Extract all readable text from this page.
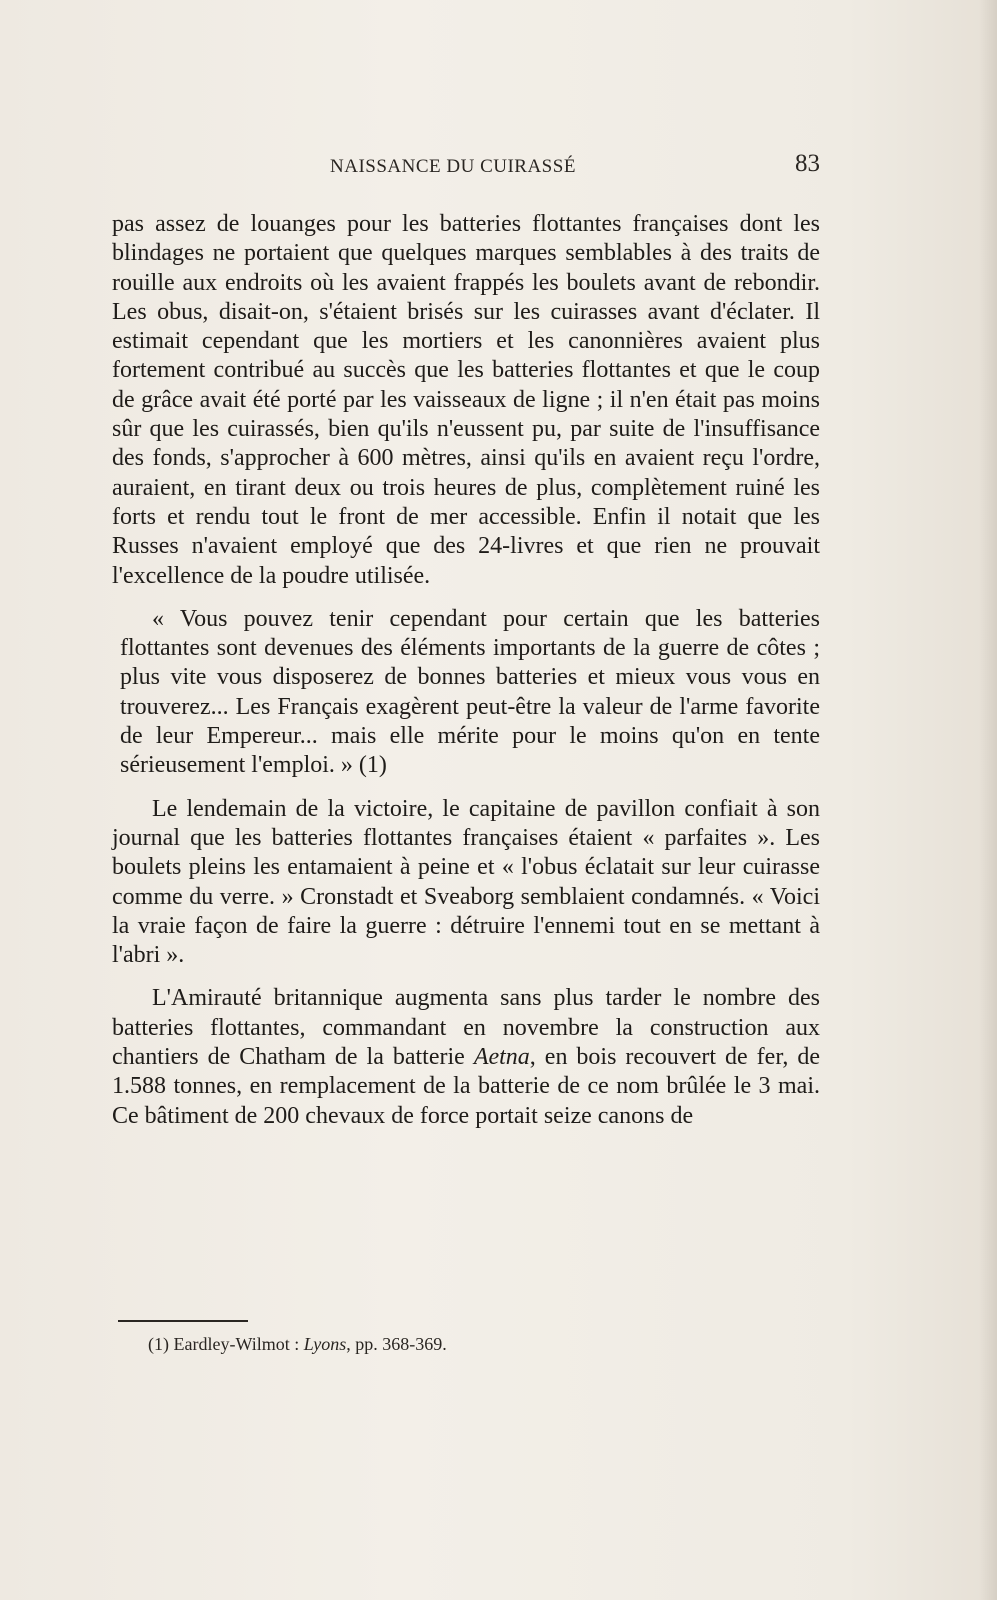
NAISSANCE DU CUIRASSÉ	83

pas assez de louanges pour les batteries flottantes françaises dont les blindages ne portaient que quelques marques semblables à des traits de rouille aux endroits où les avaient frappés les boulets avant de rebondir. Les obus, disait-on, s'étaient brisés sur les cuirasses avant d'éclater. Il estimait cependant que les mortiers et les canonnières avaient plus fortement contribué au succès que les batteries flottantes et que le coup de grâce avait été porté par les vaisseaux de ligne ; il n'en était pas moins sûr que les cuirassés, bien qu'ils n'eussent pu, par suite de l'insuffisance des fonds, s'approcher à 600 mètres, ainsi qu'ils en avaient reçu l'ordre, auraient, en tirant deux ou trois heures de plus, complètement ruiné les forts et rendu tout le front de mer accessible. Enfin il notait que les Russes n'avaient employé que des 24-livres et que rien ne prouvait l'excellence de la poudre utilisée.

« Vous pouvez tenir cependant pour certain que les batteries flottantes sont devenues des éléments importants de la guerre de côtes ; plus vite vous disposerez de bonnes batteries et mieux vous vous en trouverez... Les Français exagèrent peut-être la valeur de l'arme favorite de leur Empereur... mais elle mérite pour le moins qu'on en tente sérieusement l'emploi. » (1)

Le lendemain de la victoire, le capitaine de pavillon confiait à son journal que les batteries flottantes françaises étaient « parfaites ». Les boulets pleins les entamaient à peine et « l'obus éclatait sur leur cuirasse comme du verre. » Cronstadt et Sveaborg semblaient condamnés. « Voici la vraie façon de faire la guerre : détruire l'ennemi tout en se mettant à l'abri ».

L'Amirauté britannique augmenta sans plus tarder le nombre des batteries flottantes, commandant en novembre la construction aux chantiers de Chatham de la batterie Aetna, en bois recouvert de fer, de 1.588 tonnes, en remplacement de la batterie de ce nom brûlée le 3 mai. Ce bâtiment de 200 chevaux de force portait seize canons de

(1) Eardley-Wilmot : Lyons, pp. 368-369.
